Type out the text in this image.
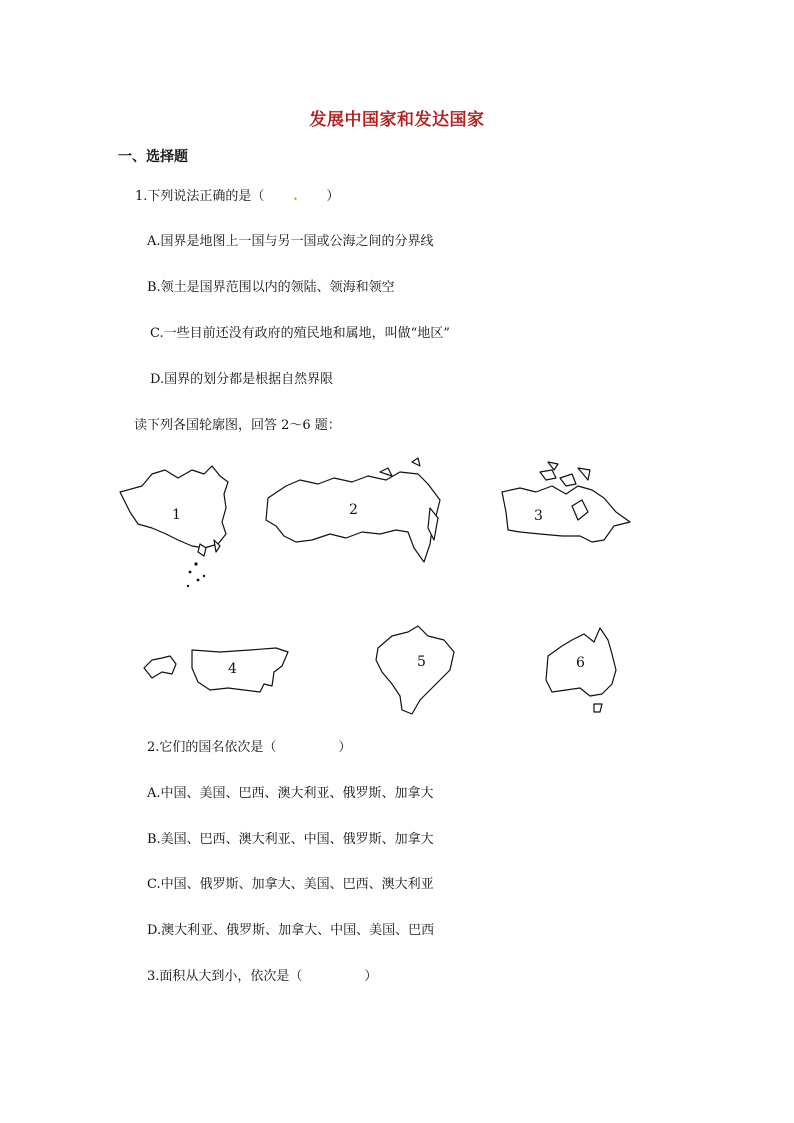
发展中国家和发达国家
一、选择题
1.下列说法正确的是（ . ）
A.国界是地图上一国与另一国或公海之间的分界线
B.领土是国界范围以内的领陆、领海和领空
C.一些目前还没有政府的殖民地和属地，叫做“地区”
D.国界的划分都是根据自然界限
读下列各国轮廓图，回答 2～6 题：
1	2	3
4	5	6
2.它们的国名依次是（	）
A.中国、美国、巴西、澳大利亚、俄罗斯、加拿大
B.美国、巴西、澳大利亚、中国、俄罗斯、加拿大
C.中国、俄罗斯、加拿大、美国、巴西、澳大利亚
D.澳大利亚、俄罗斯、加拿大、中国、美国、巴西
3.面积从大到小，依次是（	）
